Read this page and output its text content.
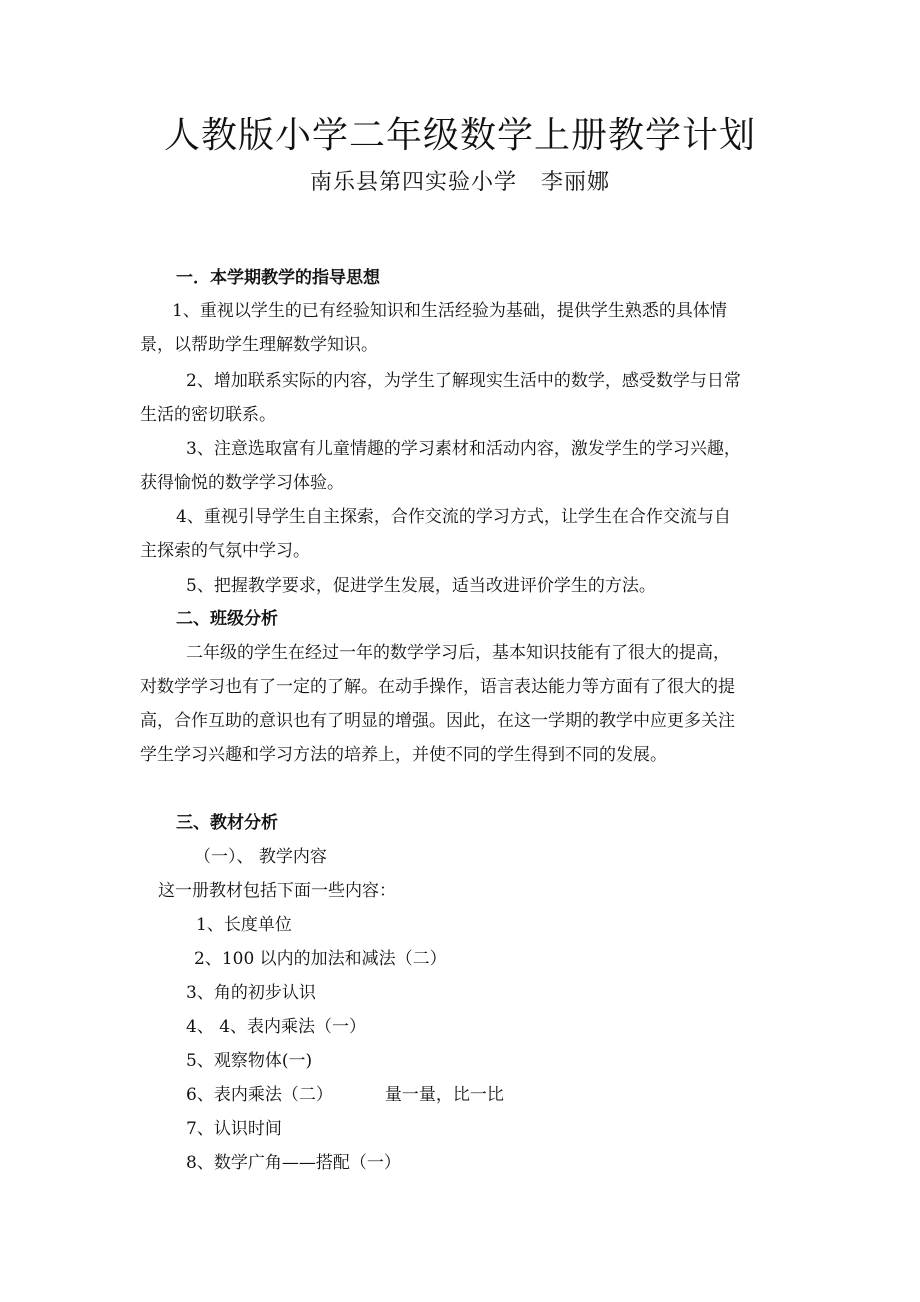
人教版小学二年级数学上册教学计划
南乐县第四实验小学 李丽娜
一．本学期教学的指导思想
1、重视以学生的已有经验知识和生活经验为基础，提供学生熟悉的具体情
景，以帮助学生理解数学知识。
2、增加联系实际的内容，为学生了解现实生活中的数学，感受数学与日常
生活的密切联系。
3、注意选取富有儿童情趣的学习素材和活动内容，激发学生的学习兴趣，
获得愉悦的数学学习体验。
4、重视引导学生自主探索，合作交流的学习方式，让学生在合作交流与自
主探索的气氛中学习。
5、把握教学要求，促进学生发展，适当改进评价学生的方法。
二、班级分析
二年级的学生在经过一年的数学学习后，基本知识技能有了很大的提高，
对数学学习也有了一定的了解。在动手操作，语言表达能力等方面有了很大的提
高，合作互助的意识也有了明显的增强。因此，在这一学期的教学中应更多关注
学生学习兴趣和学习方法的培养上，并使不同的学生得到不同的发展。
三、教材分析
（一）、 教学内容
这一册教材包括下面一些内容：
1、长度单位
2、100 以内的加法和减法（二）
3、角的初步认识
4、 4、表内乘法（一）
5、观察物体(一)
6、表内乘法（二）	量一量，比一比
7、认识时间
8、数学广角——搭配（一）
